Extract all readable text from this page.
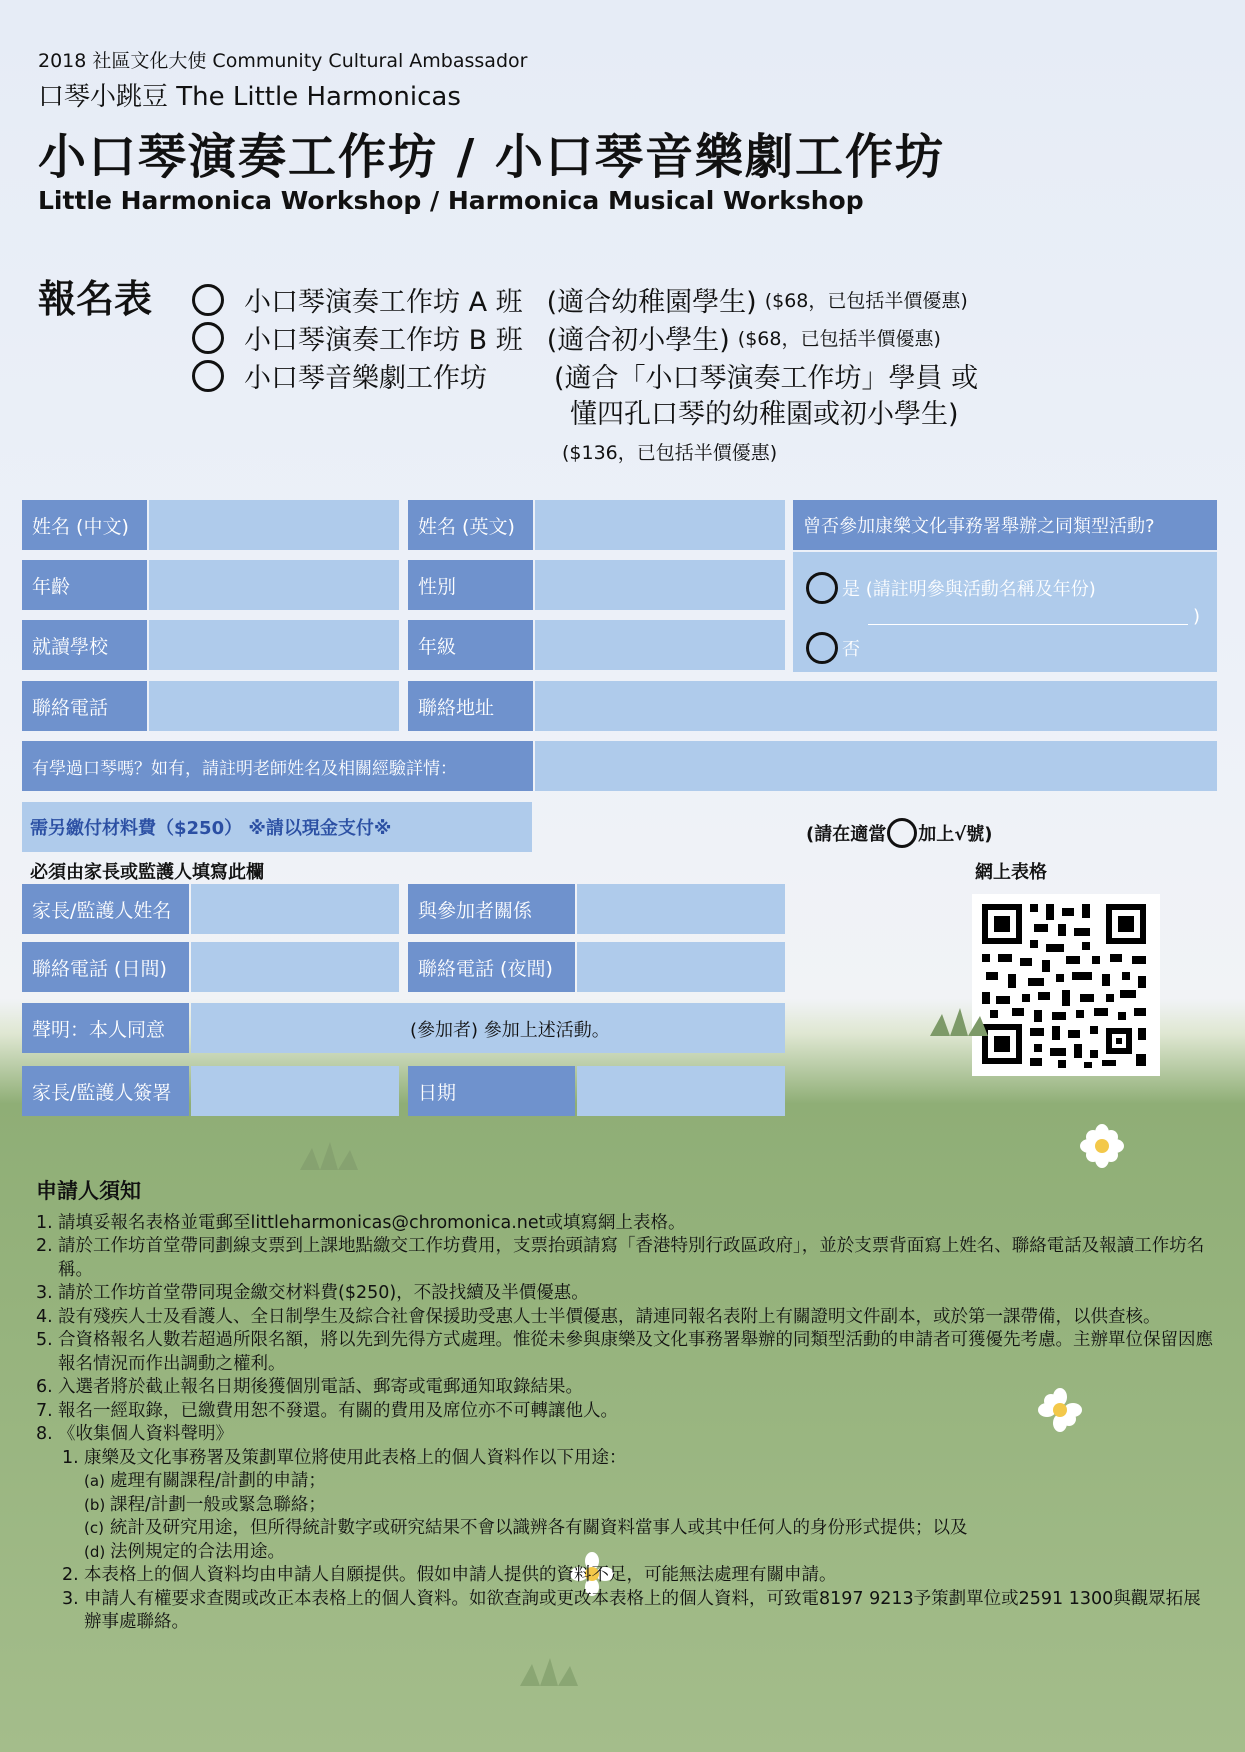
2018 社區文化大使 Community Cultural Ambassador
口琴小跳豆 The Little Harmonicas
小口琴演奏工作坊 / 小口琴音樂劇工作坊
Little Harmonica Workshop / Harmonica Musical Workshop
報名表	小口琴演奏工作坊 A 班 (適合幼稚園學生) ($68，已包括半價優惠)
小口琴演奏工作坊 B 班 (適合初小學生) ($68，已包括半價優惠)
小口琴音樂劇工作坊	(適合「小口琴演奏工作坊」學員 或
懂四孔口琴的幼稚園或初小學生)
($136，已包括半價優惠)
姓名 (中文)	姓名 (英文)	曾否參加康樂文化事務署舉辦之同類型活動?
是 (請註明參與活動名稱及年份)
)
否
年齡	性別
就讀學校	年級
聯絡電話	聯絡地址
有學過口琴嗎？如有，請註明老師姓名及相關經驗詳情：
需另繳付材料費（$250） ※請以現金支付※	(請在適當 加上√號)
必須由家長或監護人填寫此欄	網上表格
家長/監護人姓名	與參加者關係
聯絡電話 (日間)	聯絡電話 (夜間)
聲明：本人同意	(參加者) 參加上述活動。
家長/監護人簽署	日期
申請人須知
1. 請填妥報名表格並電郵至littleharmonicas@chromonica.net或填寫網上表格。
2. 請於工作坊首堂帶同劃線支票到上課地點繳交工作坊費用，支票抬頭請寫「香港特別行政區政府」，並於支票背面寫上姓名、聯絡電話及報讀工作坊名稱。
3. 請於工作坊首堂帶同現金繳交材料費($250)，不設找續及半價優惠。
4. 設有殘疾人士及看護人、全日制學生及綜合社會保援助受惠人士半價優惠，請連同報名表附上有關證明文件副本，或於第一課帶備，以供查核。
5. 合資格報名人數若超過所限名額，將以先到先得方式處理。惟從未參與康樂及文化事務署舉辦的同類型活動的申請者可獲優先考慮。主辦單位保留因應報名情況而作出調動之權利。
6. 入選者將於截止報名日期後獲個別電話、郵寄或電郵通知取錄結果。
7. 報名一經取錄，已繳費用恕不發還。有關的費用及席位亦不可轉讓他人。
8. 《收集個人資料聲明》
1. 康樂及文化事務署及策劃單位將使用此表格上的個人資料作以下用途：
(a) 處理有關課程/計劃的申請；
(b) 課程/計劃一般或緊急聯絡；
(c) 統計及研究用途，但所得統計數字或研究結果不會以識辨各有關資料當事人或其中任何人的身份形式提供；以及
(d) 法例規定的合法用途。
2. 本表格上的個人資料均由申請人自願提供。假如申請人提供的資料不足，可能無法處理有關申請。
3. 申請人有權要求查閱或改正本表格上的個人資料。如欲查詢或更改本表格上的個人資料，可致電8197 9213予策劃單位或2591 1300與觀眾拓展辦事處聯絡。
